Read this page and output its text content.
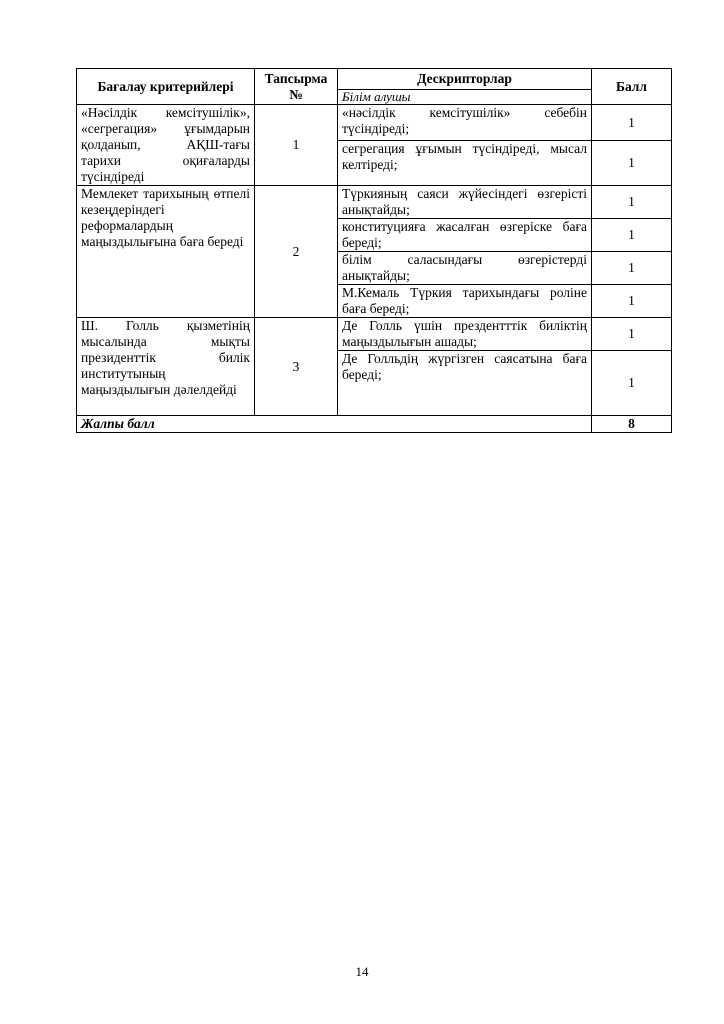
Бағалау критерийлері	Тапсырма №	Дескрипторлар	Балл
		Білім алушы	
«Нәсілдік кемсітушілік», «сегрегация» ұғымдарын қолданып, АҚШ-тағы тарихи оқиғаларды түсіндіреді	1	«нәсілдік кемсітушілік» себебін түсіндіреді;	1
		сегрегация ұғымын түсіндіреді, мысал келтіреді;	1
Мемлекет тарихының өтпелі кезеңдеріндегі реформалардың маңыздылығына баға береді	2	Түркияның саяси жүйесіндегі өзгерісті анықтайды;	1
		конституцияға жасалған өзгеріске баға береді;	1
		білім саласындағы өзгерістерді анықтайды;	1
		М.Кемаль Түркия тарихындағы роліне баға береді;	1
Ш. Голль қызметінің мысалында мықты президенттік билік институтының маңыздылығын дәлелдейді	3	Де Голль үшін прездентттік биліктің маңыздылығын ашады;	1
		Де Голльдің жүргізген саясатына баға береді;	1
Жалпы балл			8
14
